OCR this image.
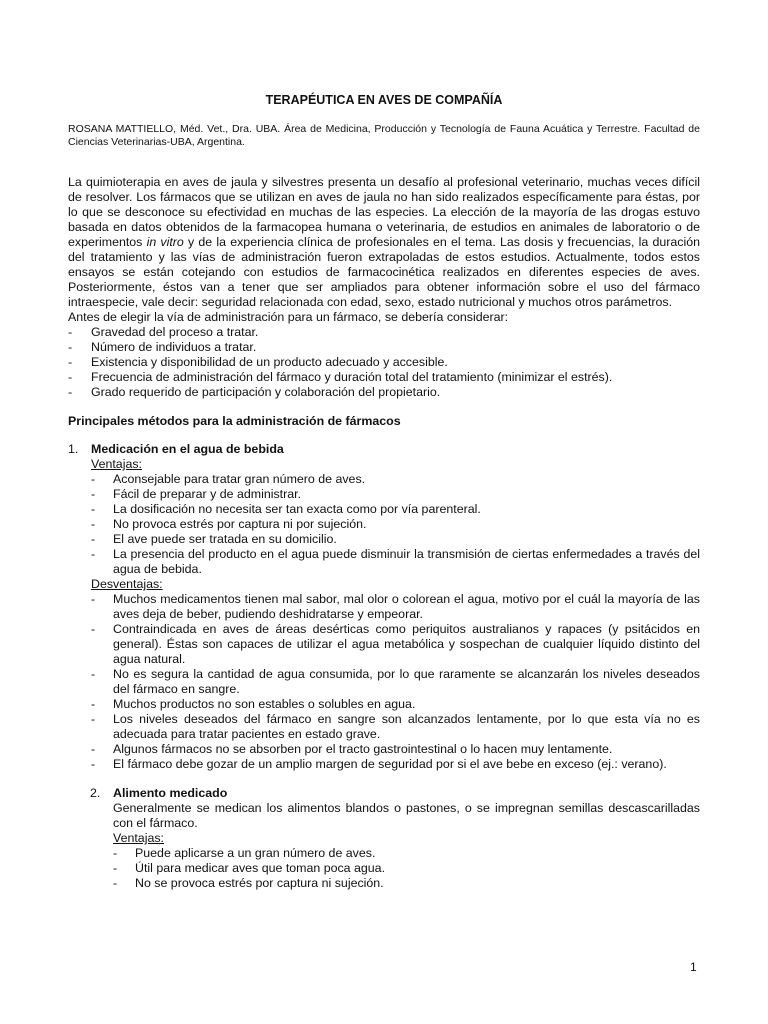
TERAPÉUTICA EN AVES DE COMPAÑÍA
ROSANA MATTIELLO, Méd. Vet., Dra. UBA. Área de Medicina, Producción y Tecnología de Fauna Acuática y Terrestre. Facultad de Ciencias Veterinarias-UBA, Argentina.

La quimioterapia en aves de jaula y silvestres presenta un desafío al profesional veterinario, muchas veces difícil de resolver. Los fármacos que se utilizan en aves de jaula no han sido realizados específicamente para éstas, por lo que se desconoce su efectividad en muchas de las especies. La elección de la mayoría de las drogas estuvo basada en datos obtenidos de la farmacopea humana o veterinaria, de estudios en animales de laboratorio o de experimentos in vitro y de la experiencia clínica de profesionales en el tema. Las dosis y frecuencias, la duración del tratamiento y las vías de administración fueron extrapoladas de estos estudios. Actualmente, todos estos ensayos se están cotejando con estudios de farmacocinética realizados en diferentes especies de aves. Posteriormente, éstos van a tener que ser ampliados para obtener información sobre el uso del fármaco intraespecie, vale decir: seguridad relacionada con edad, sexo, estado nutricional y muchos otros parámetros.

Antes de elegir la vía de administración para un fármaco, se debería considerar:
- Gravedad del proceso a tratar.
- Número de individuos a tratar.
- Existencia y disponibilidad de un producto adecuado y accesible.
- Frecuencia de administración del fármaco y duración total del tratamiento (minimizar el estrés).
- Grado requerido de participación y colaboración del propietario.
Principales métodos para la administración de fármacos
1. Medicación en el agua de bebida
Ventajas:
- Aconsejable para tratar gran número de aves.
- Fácil de preparar y de administrar.
- La dosificación no necesita ser tan exacta como por vía parenteral.
- No provoca estrés por captura ni por sujeción.
- El ave puede ser tratada en su domicilio.
- La presencia del producto en el agua puede disminuir la transmisión de ciertas enfermedades a través del agua de bebida.
Desventajas:
- Muchos medicamentos tienen mal sabor, mal olor o colorean el agua, motivo por el cuál la mayoría de las aves deja de beber, pudiendo deshidratarse y empeorar.
- Contraindicada en aves de áreas desérticas como periquitos australianos y rapaces (y psitácidos en general). Éstas son capaces de utilizar el agua metabólica y sospechan de cualquier líquido distinto del agua natural.
- No es segura la cantidad de agua consumida, por lo que raramente se alcanzarán los niveles deseados del fármaco en sangre.
- Muchos productos no son estables o solubles en agua.
- Los niveles deseados del fármaco en sangre son alcanzados lentamente, por lo que esta vía no es adecuada para tratar pacientes en estado grave.
- Algunos fármacos no se absorben por el tracto gastrointestinal o lo hacen muy lentamente.
- El fármaco debe gozar de un amplio margen de seguridad por si el ave bebe en exceso (ej.: verano).
2. Alimento medicado
Generalmente se medican los alimentos blandos o pastones, o se impregnan semillas descascarilladas con el fármaco.
Ventajas:
- Puede aplicarse a un gran número de aves.
- Útil para medicar aves que toman poca agua.
- No se provoca estrés por captura ni sujeción.
1
